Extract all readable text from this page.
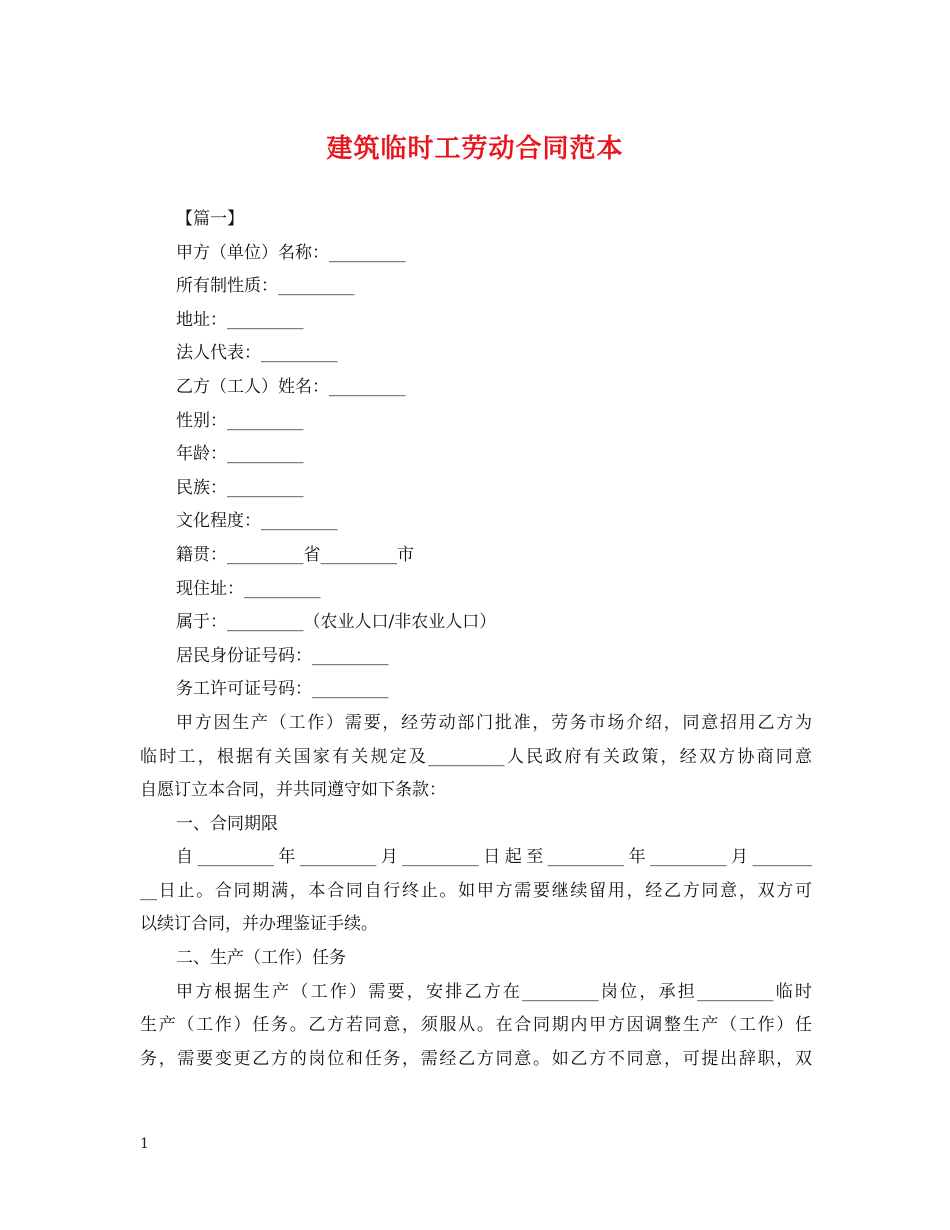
建筑临时工劳动合同范本
【篇一】
甲方（单位）名称：_________
所有制性质：_________
地址：_________
法人代表：_________
乙方（工人）姓名：_________
性别：_________
年龄：_________
民族：_________
文化程度：_________
籍贯：_________省_________市
现住址：_________
属于：_________（农业人口/非农业人口）
居民身份证号码：_________
务工许可证号码：_________
甲方因生产（工作）需要，经劳动部门批准，劳务市场介绍，同意招用乙方为
临时工，根据有关国家有关规定及_________人民政府有关政策，经双方协商同意
自愿订立本合同，并共同遵守如下条款：
一、合同期限
自_________年_________月_________日起至_________年_________月_______
__日止。合同期满，本合同自行终止。如甲方需要继续留用，经乙方同意，双方可
以续订合同，并办理鉴证手续。
二、生产（工作）任务
甲方根据生产（工作）需要，安排乙方在_________岗位，承担_________临时
生产（工作）任务。乙方若同意，须服从。在合同期内甲方因调整生产（工作）任
务，需要变更乙方的岗位和任务，需经乙方同意。如乙方不同意，可提出辞职，双
1
